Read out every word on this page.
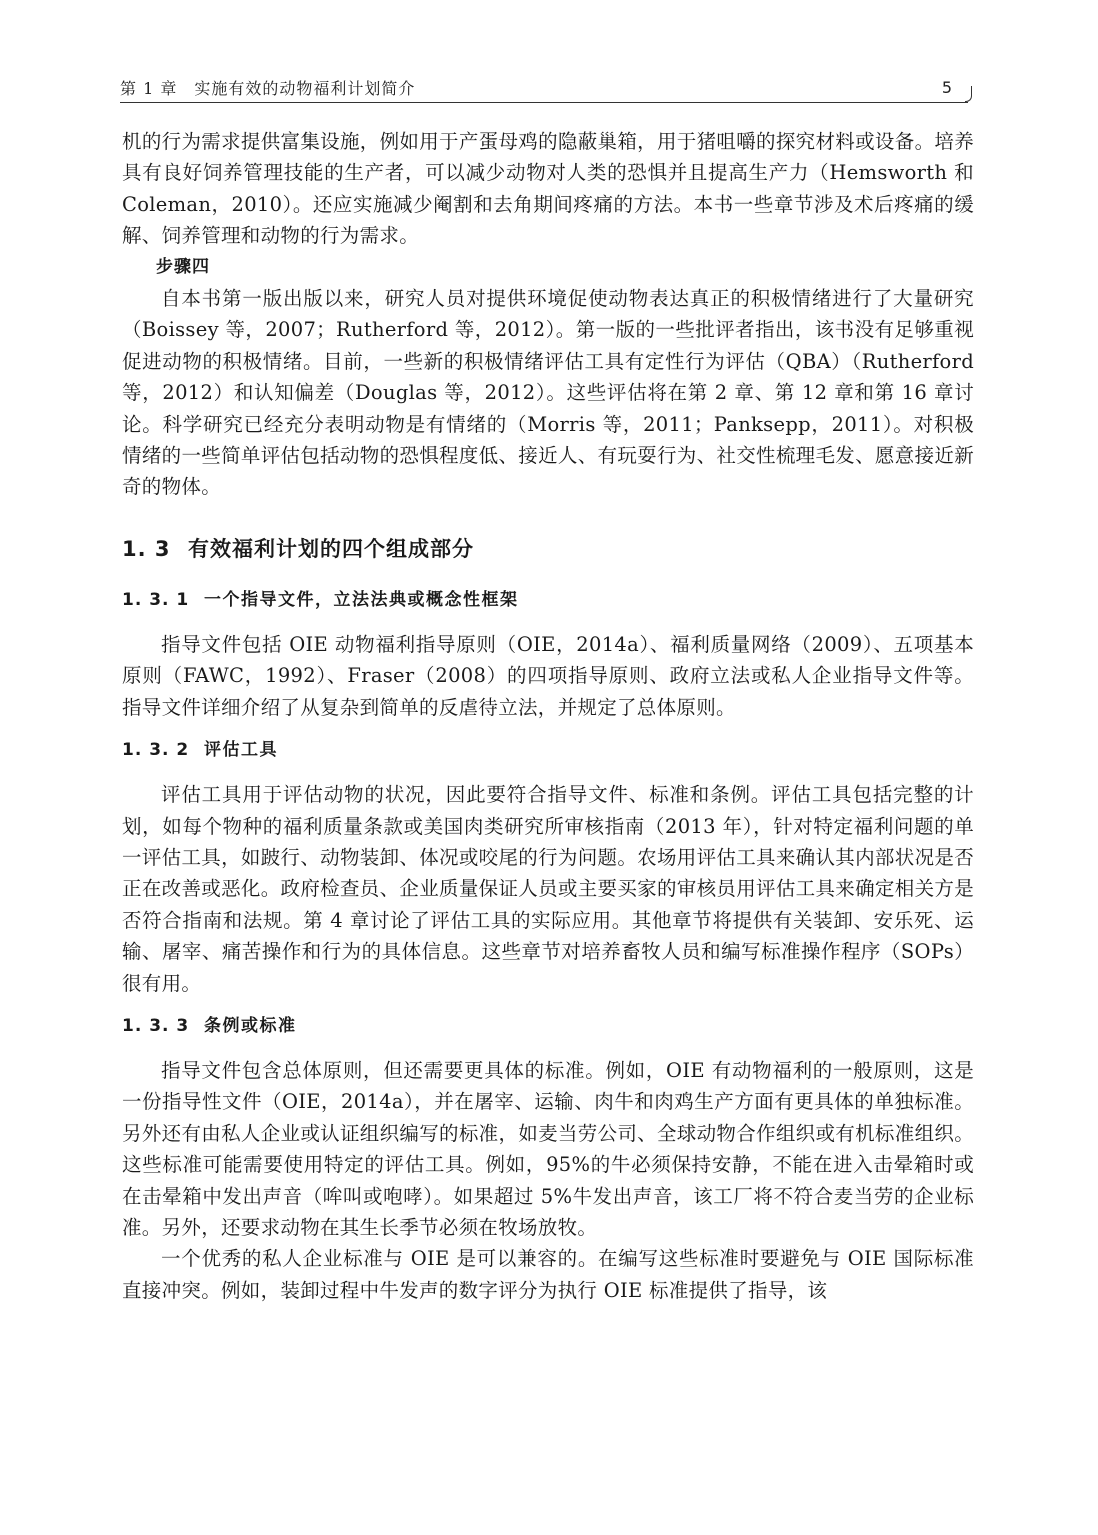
第 1 章　实施有效的动物福利计划简介	5

机的行为需求提供富集设施，例如用于产蛋母鸡的隐蔽巢箱，用于猪咀嚼的探究材料或设备。培养具有良好饲养管理技能的生产者，可以减少动物对人类的恐惧并且提高生产力（Hemsworth 和 Coleman，2010）。还应实施减少阉割和去角期间疼痛的方法。本书一些章节涉及术后疼痛的缓解、饲养管理和动物的行为需求。

步骤四

自本书第一版出版以来，研究人员对提供环境促使动物表达真正的积极情绪进行了大量研究（Boissey 等，2007；Rutherford 等，2012）。第一版的一些批评者指出，该书没有足够重视促进动物的积极情绪。目前，一些新的积极情绪评估工具有定性行为评估（QBA）（Rutherford 等，2012）和认知偏差（Douglas 等，2012）。这些评估将在第 2 章、第 12 章和第 16 章讨论。科学研究已经充分表明动物是有情绪的（Morris 等，2011；Panksepp，2011）。对积极情绪的一些简单评估包括动物的恐惧程度低、接近人、有玩耍行为、社交性梳理毛发、愿意接近新奇的物体。

1. 3 有效福利计划的四个组成部分
1. 3. 1 一个指导文件，立法法典或概念性框架

指导文件包括 OIE 动物福利指导原则（OIE，2014a）、福利质量网络（2009）、五项基本原则（FAWC，1992）、Fraser（2008）的四项指导原则、政府立法或私人企业指导文件等。指导文件详细介绍了从复杂到简单的反虐待立法，并规定了总体原则。

1. 3. 2 评估工具

评估工具用于评估动物的状况，因此要符合指导文件、标准和条例。评估工具包括完整的计划，如每个物种的福利质量条款或美国肉类研究所审核指南（2013 年），针对特定福利问题的单一评估工具，如跛行、动物装卸、体况或咬尾的行为问题。农场用评估工具来确认其内部状况是否正在改善或恶化。政府检查员、企业质量保证人员或主要买家的审核员用评估工具来确定相关方是否符合指南和法规。第 4 章讨论了评估工具的实际应用。其他章节将提供有关装卸、安乐死、运输、屠宰、痛苦操作和行为的具体信息。这些章节对培养畜牧人员和编写标准操作程序（SOPs）很有用。

1. 3. 3 条例或标准

指导文件包含总体原则，但还需要更具体的标准。例如，OIE 有动物福利的一般原则，这是一份指导性文件（OIE，2014a），并在屠宰、运输、肉牛和肉鸡生产方面有更具体的单独标准。另外还有由私人企业或认证组织编写的标准，如麦当劳公司、全球动物合作组织或有机标准组织。这些标准可能需要使用特定的评估工具。例如，95%的牛必须保持安静，不能在进入击晕箱时或在击晕箱中发出声音（哞叫或咆哮）。如果超过 5%牛发出声音，该工厂将不符合麦当劳的企业标准。另外，还要求动物在其生长季节必须在牧场放牧。

一个优秀的私人企业标准与 OIE 是可以兼容的。在编写这些标准时要避免与 OIE 国际标准直接冲突。例如，装卸过程中牛发声的数字评分为执行 OIE 标准提供了指导，该
